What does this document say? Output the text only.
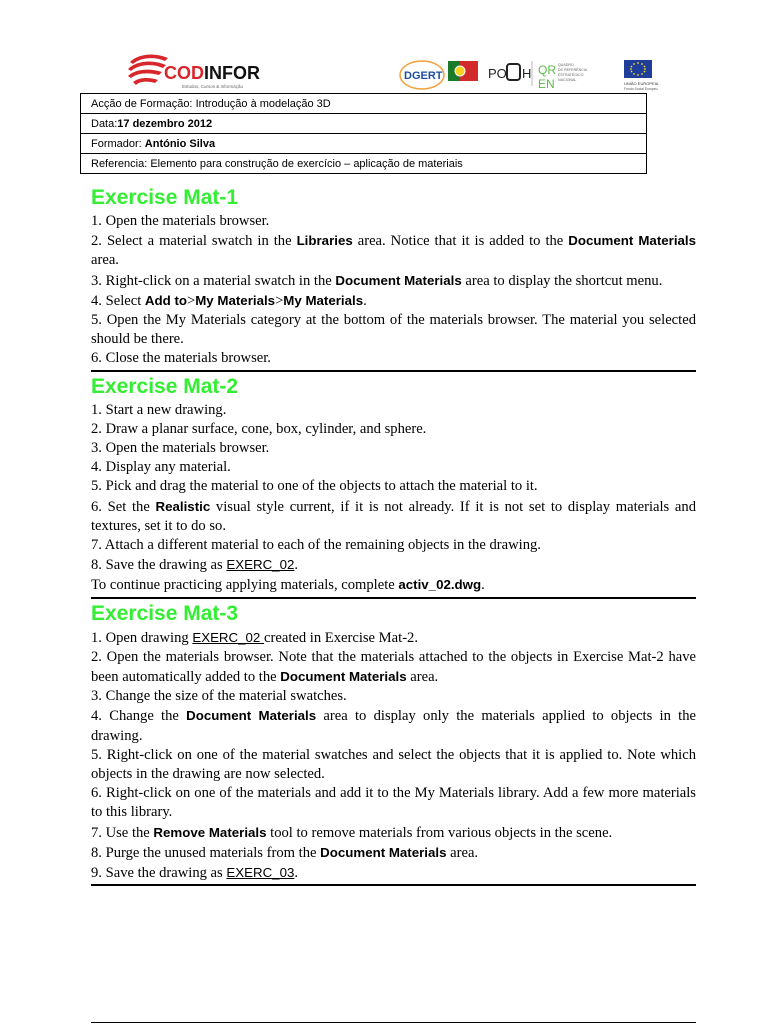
COD INFOR
Estudos, Cursos & Informação
DGERT	PO H QR
EN
QUADRO
DE REFERÊNCIA
ESTRATÉGICO
NACIONAL
UNIÃO EUROPEIA
Fundo Social Europeu
Acção de Formação: Introdução à modelação 3D
Data:17 dezembro 2012
Formador: António Silva
Referencia: Elemento para construção de exercício – aplicação de materiais
Exercise Mat-1

1. Open the materials browser.

2. Select a material swatch in the Libraries area. Notice that it is added to the Document Materials area.

3. Right-click on a material swatch in the Document Materials area to display the shortcut menu.

4. Select Add to>My Materials>My Materials.

5. Open the My Materials category at the bottom of the materials browser. The material you selected should be there.

6. Close the materials browser.

Exercise Mat-2

1. Start a new drawing.

2. Draw a planar surface, cone, box, cylinder, and sphere.

3. Open the materials browser.

4. Display any material.

5. Pick and drag the material to one of the objects to attach the material to it.

6. Set the Realistic visual style current, if it is not already. If it is not set to display materials and textures, set it to do so.

7. Attach a different material to each of the remaining objects in the drawing.

8. Save the drawing as EXERC_02.

To continue practicing applying materials, complete activ_02.dwg.

Exercise Mat-3

1. Open drawing EXERC_02 created in Exercise Mat-2.

2. Open the materials browser. Note that the materials attached to the objects in Exercise Mat-2 have been automatically added to the Document Materials area.

3. Change the size of the material swatches.

4. Change the Document Materials area to display only the materials applied to objects in the drawing.

5. Right-click on one of the material swatches and select the objects that it is applied to. Note which objects in the drawing are now selected.

6. Right-click on one of the materials and add it to the My Materials library. Add a few more materials to this library.

7. Use the Remove Materials tool to remove materials from various objects in the scene.

8. Purge the unused materials from the Document Materials area.

9. Save the drawing as EXERC_03.
